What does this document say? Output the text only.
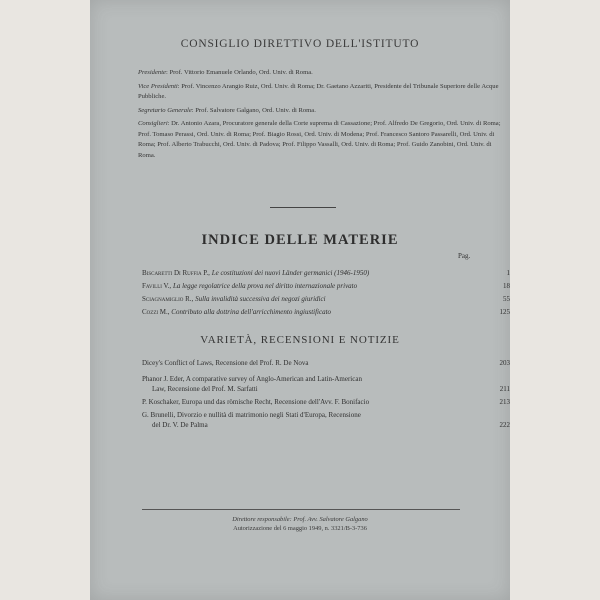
CONSIGLIO DIRETTIVO DELL'ISTITUTO

Presidente: Prof. Vittorio Emanuele Orlando, Ord. Univ. di Roma.

Vice Presidenti: Prof. Vincenzo Arangio Ruiz, Ord. Univ. di Roma; Dr. Gaetano Azzariti, Presidente del Tribunale Superiore delle Acque Pubbliche.

Segretario Generale: Prof. Salvatore Galgano, Ord. Univ. di Roma.

Consiglieri: Dr. Antonio Azara, Procuratore generale della Corte suprema di Cassazione; Prof. Alfredo De Gregorio, Ord. Univ. di Roma; Prof. Tomaso Perassi, Ord. Univ. di Roma; Prof. Biagio Rossi, Ord. Univ. di Modena; Prof. Francesco Santoro Passarelli, Ord. Univ. di Roma; Prof. Alberto Trabucchi, Ord. Univ. di Padova; Prof. Filippo Vassalli, Ord. Univ. di Roma; Prof. Guido Zanobini, Ord. Univ. di Roma.

INDICE DELLE MATERIE
Pag.
Biscaretti Di Ruffia P., Le costituzioni dei nuovi Länder germanici (1946-1950)	1
Favilli V., La legge regolatrice della prova nel diritto internazionale privato	18
Sciagnamiglio R., Sulla invalidità successiva dei negozi giuridici	55
Cozzi M., Contributo alla dottrina dell'arricchimento ingiustificato	125
VARIETÀ, RECENSIONI E NOTIZIE
Dicey's Conflict of Laws, Recensione del Prof. R. De Nova	203
Phanor J. Eder, A comparative survey of Anglo-American and Latin-American
Law, Recensione del Prof. M. Sarfatti	211
P. Koschaker, Europa und das römische Recht, Recensione dell'Avv. F. Bonifacio	213
G. Brunelli, Divorzio e nullità di matrimonio negli Stati d'Europa, Recensione
del Dr. V. De Palma	222
Direttore responsabile: Prof. Avv. Salvatore Galgano
Autorizzazione del 6 maggio 1949, n. 3321/B-3-736
